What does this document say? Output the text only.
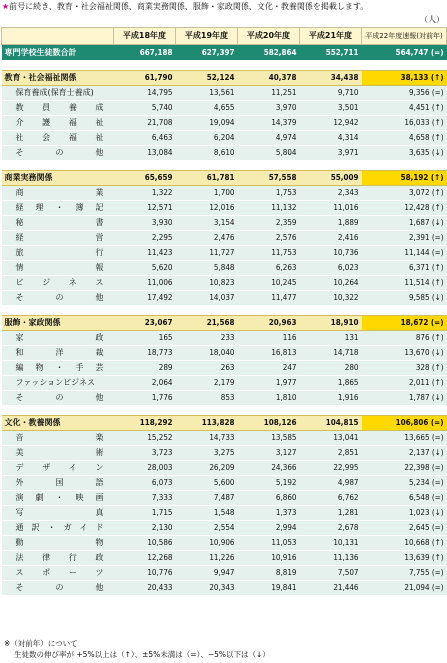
★前号に続き、教育・社会福祉関係、商業実務関係、服飾・家政関係、文化・教養関係を掲載します。
（人）
	平成18年度	平成19年度	平成20年度	平成21年度	平成22年度速報(対前年)
専門学校生徒数合計	667,188	627,397	582,864	552,711	564,747 (=)

教育・社会福祉関係	61,790	52,124	40,378	34,438	38,133 (↑)
保育養成(保育士養成)	14,795	13,561	11,251	9,710	9,356 (=)
教員養成	5,740	4,655	3,970	3,501	4,451 (↑)
介護福祉	21,708	19,094	14,379	12,942	16,033 (↑)
社会福祉	6,463	6,204	4,974	4,314	4,658 (↑)
その他	13,084	8,610	5,804	3,971	3,635 (↓)

商業実務関係	65,659	61,781	57,558	55,009	58,192 (↑)
商業	1,322	1,700	1,753	2,343	3,072 (↑)
経理・簿記	12,571	12,016	11,132	11,016	12,428 (↑)
秘書	3,930	3,154	2,359	1,889	1,687 (↓)
経営	2,295	2,476	2,576	2,416	2,391 (=)
旅行	11,423	11,727	11,753	10,736	11,144 (=)
情報	5,620	5,848	6,263	6,023	6,371 (↑)
ビジネス	11,006	10,823	10,245	10,264	11,514 (↑)
その他	17,492	14,037	11,477	10,322	9,585 (↓)

服飾・家政関係	23,067	21,568	20,963	18,910	18,672 (=)
家政	165	233	116	131	876 (↑)
和洋裁	18,773	18,040	16,813	14,718	13,670 (↓)
編物・手芸	289	263	247	280	328 (↑)
ファッションビジネス	2,064	2,179	1,977	1,865	2,011 (↑)
その他	1,776	853	1,810	1,916	1,787 (↓)

文化・教養関係	118,292	113,828	108,126	104,815	106,806 (=)
音楽	15,252	14,733	13,585	13,041	13,665 (=)
美術	3,723	3,275	3,127	2,851	2,137 (↓)
デザイン	28,003	26,209	24,366	22,995	22,398 (=)
外国語	6,073	5,600	5,192	4,987	5,234 (=)
演劇・映画	7,333	7,487	6,860	6,762	6,548 (=)
写真	1,715	1,548	1,373	1,281	1,023 (↓)
通訳・ガイド	2,130	2,554	2,994	2,678	2,645 (=)
動物	10,586	10,906	11,053	10,131	10,668 (↑)
法律行政	12,268	11,226	10,916	11,136	13,639 (↑)
スポーツ	10,776	9,947	8,819	7,507	7,755 (=)
その他	20,433	20,343	19,841	21,446	21,094 (=)
※（対前年）について
生徒数の伸び率が +5%以上は（↑）、±5%未満は（=）、−5%以下は（↓）
